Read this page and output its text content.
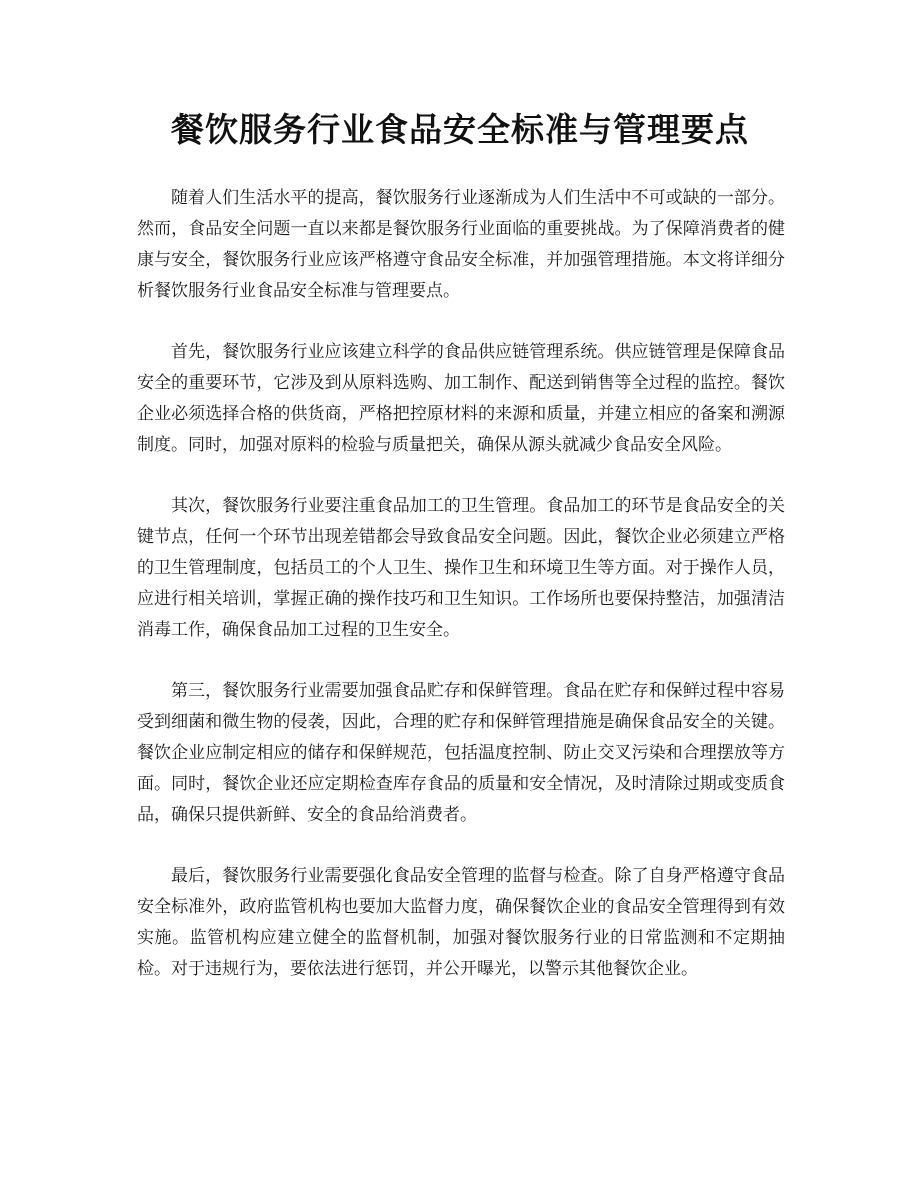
餐饮服务行业食品安全标准与管理要点

随着人们生活水平的提高，餐饮服务行业逐渐成为人们生活中不可或缺的一部分。然而，食品安全问题一直以来都是餐饮服务行业面临的重要挑战。为了保障消费者的健康与安全，餐饮服务行业应该严格遵守食品安全标准，并加强管理措施。本文将详细分析餐饮服务行业食品安全标准与管理要点。

首先，餐饮服务行业应该建立科学的食品供应链管理系统。供应链管理是保障食品安全的重要环节，它涉及到从原料选购、加工制作、配送到销售等全过程的监控。餐饮企业必须选择合格的供货商，严格把控原材料的来源和质量，并建立相应的备案和溯源制度。同时，加强对原料的检验与质量把关，确保从源头就减少食品安全风险。

其次，餐饮服务行业要注重食品加工的卫生管理。食品加工的环节是食品安全的关键节点，任何一个环节出现差错都会导致食品安全问题。因此，餐饮企业必须建立严格的卫生管理制度，包括员工的个人卫生、操作卫生和环境卫生等方面。对于操作人员，应进行相关培训，掌握正确的操作技巧和卫生知识。工作场所也要保持整洁，加强清洁消毒工作，确保食品加工过程的卫生安全。

第三，餐饮服务行业需要加强食品贮存和保鲜管理。食品在贮存和保鲜过程中容易受到细菌和微生物的侵袭，因此，合理的贮存和保鲜管理措施是确保食品安全的关键。餐饮企业应制定相应的储存和保鲜规范，包括温度控制、防止交叉污染和合理摆放等方面。同时，餐饮企业还应定期检查库存食品的质量和安全情况，及时清除过期或变质食品，确保只提供新鲜、安全的食品给消费者。

最后，餐饮服务行业需要强化食品安全管理的监督与检查。除了自身严格遵守食品安全标准外，政府监管机构也要加大监督力度，确保餐饮企业的食品安全管理得到有效实施。监管机构应建立健全的监督机制，加强对餐饮服务行业的日常监测和不定期抽检。对于违规行为，要依法进行惩罚，并公开曝光，以警示其他餐饮企业。
